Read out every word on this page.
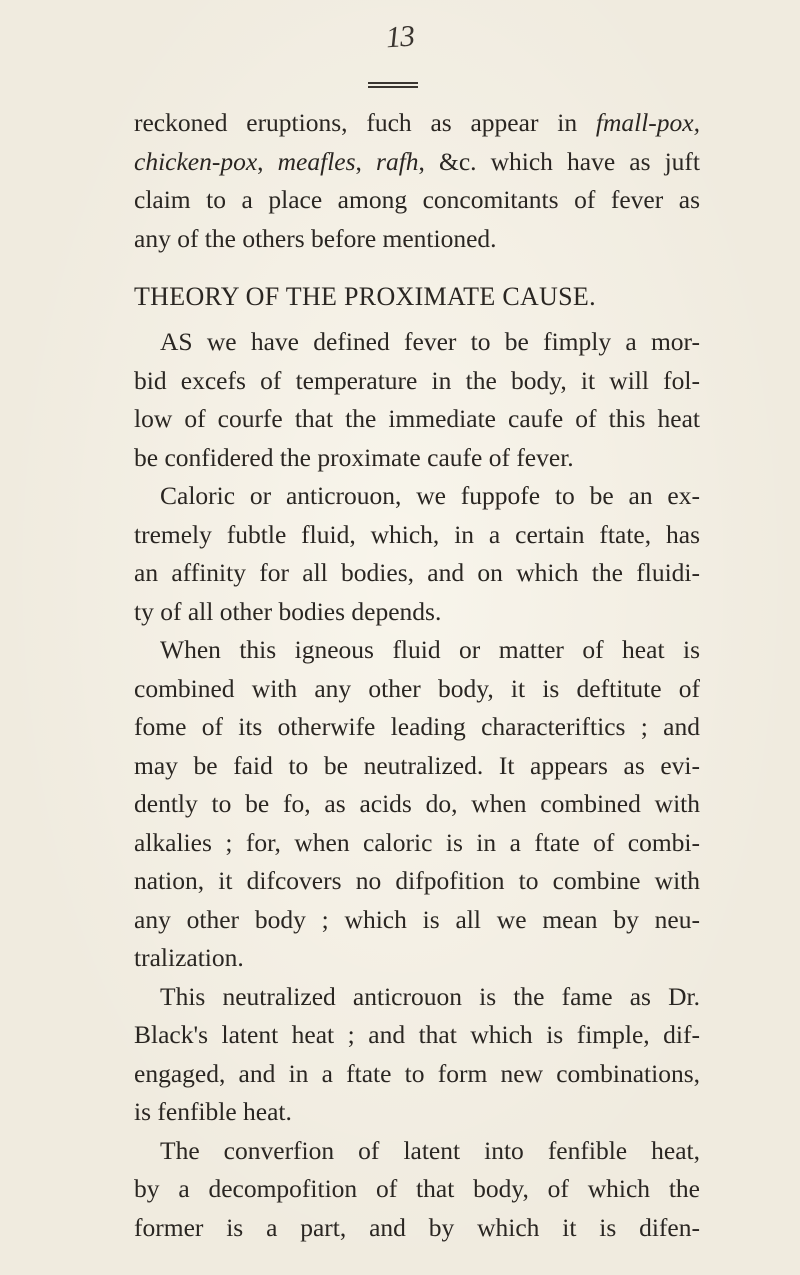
13
reckoned eruptions, fuch as appear in fmall-pox,
chicken-pox, meafles, rafh, &c. which have as juft
claim to a place among concomitants of fever as
any of the others before mentioned.
THEORY OF THE PROXIMATE CAUSE.
AS we have defined fever to be fimply a mor-
bid excefs of temperature in the body, it will fol-
low of courfe that the immediate caufe of this heat
be confidered the proximate caufe of fever.
Caloric or anticrouon, we fuppofe to be an ex-
tremely fubtle fluid, which, in a certain ftate, has
an affinity for all bodies, and on which the fluidi-
ty of all other bodies depends.
When this igneous fluid or matter of heat is
combined with any other body, it is deftitute of
fome of its otherwife leading characteriftics ; and
may be faid to be neutralized. It appears as evi-
dently to be fo, as acids do, when combined with
alkalies ; for, when caloric is in a ftate of combi-
nation, it difcovers no difpofition to combine with
any other body ; which is all we mean by neu-
tralization.
This neutralized anticrouon is the fame as Dr.
Black's latent heat ; and that which is fimple, dif-
engaged, and in a ftate to form new combinations,
is fenfible heat.
The converfion of latent into fenfible heat,
by a decompofition of that body, of which the
former is a part, and by which it is difen-
